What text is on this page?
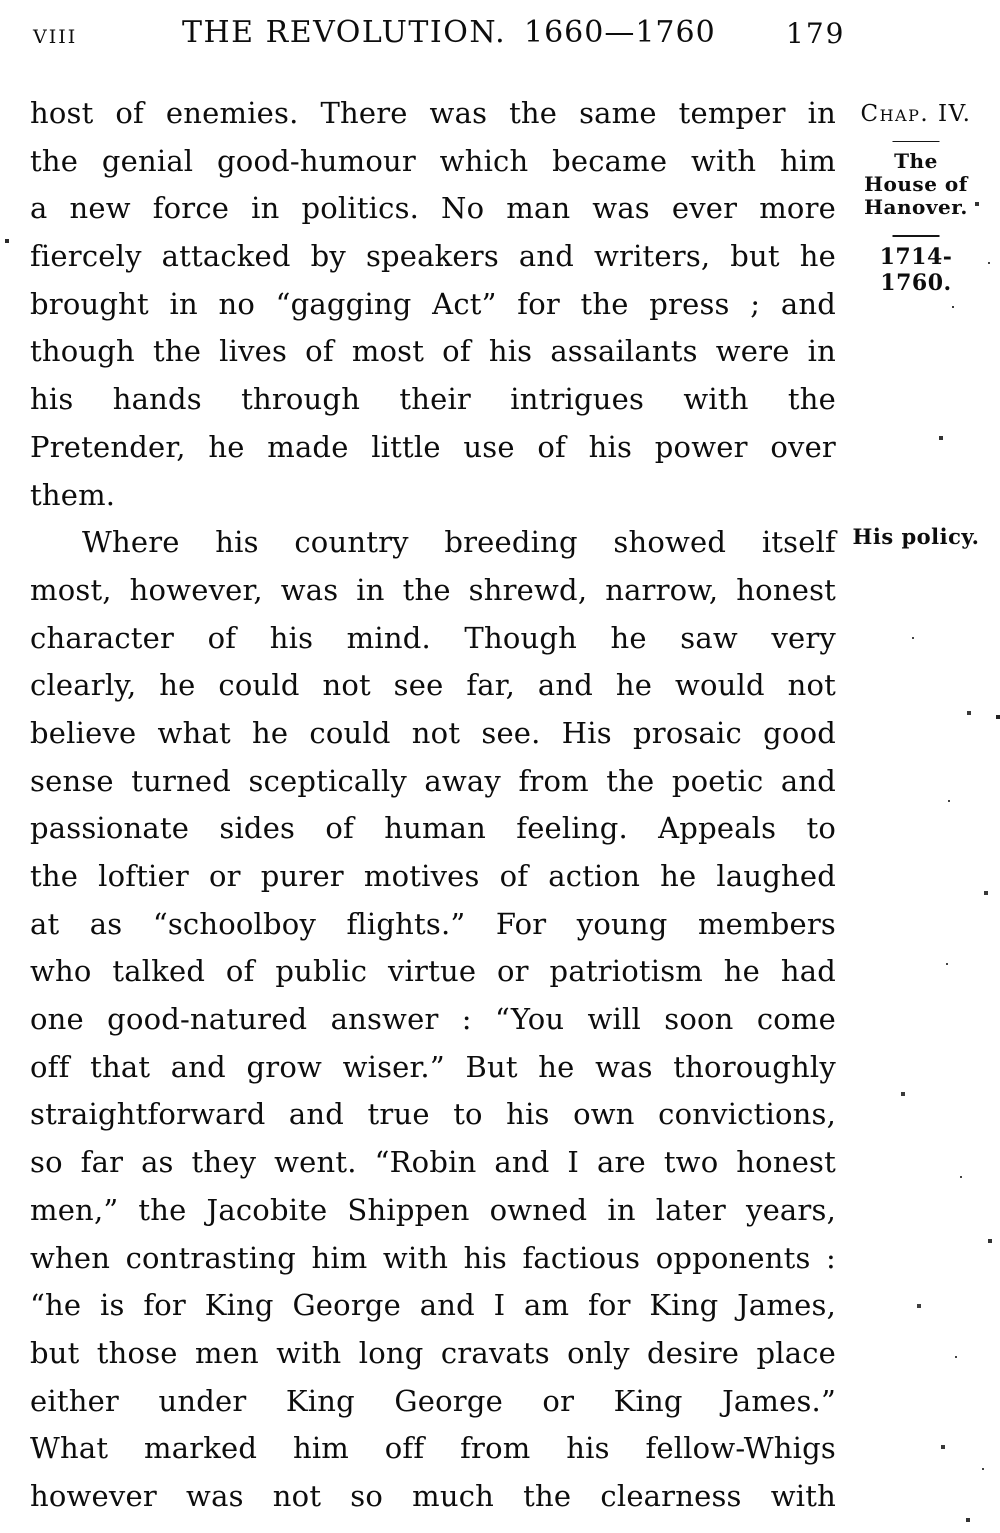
VIII	THE REVOLUTION. 1660—1760	179
host of enemies. There was the same temper in
the genial good-humour which became with him
a new force in politics. No man was ever more
fiercely attacked by speakers and writers, but he
brought in no “gagging Act” for the press ; and
though the lives of most of his assailants were in
his hands through their intrigues with the
Pretender, he made little use of his power over
them.
Where his country breeding showed itself
most, however, was in the shrewd, narrow, honest
character of his mind. Though he saw very
clearly, he could not see far, and he would not
believe what he could not see. His prosaic good
sense turned sceptically away from the poetic and
passionate sides of human feeling. Appeals to
the loftier or purer motives of action he laughed
at as “schoolboy flights.” For young members
who talked of public virtue or patriotism he had
one good-natured answer : “You will soon come
off that and grow wiser.” But he was thoroughly
straightforward and true to his own convictions,
so far as they went. “Robin and I are two honest
men,” the Jacobite Shippen owned in later years,
when contrasting him with his factious opponents :
“he is for King George and I am for King James,
but those men with long cravats only desire place
either under King George or King James.”
What marked him off from his fellow-Whigs
however was not so much the clearness with
Chap. IV.
The
House of
Hanover.
1714-1760.
His policy.
